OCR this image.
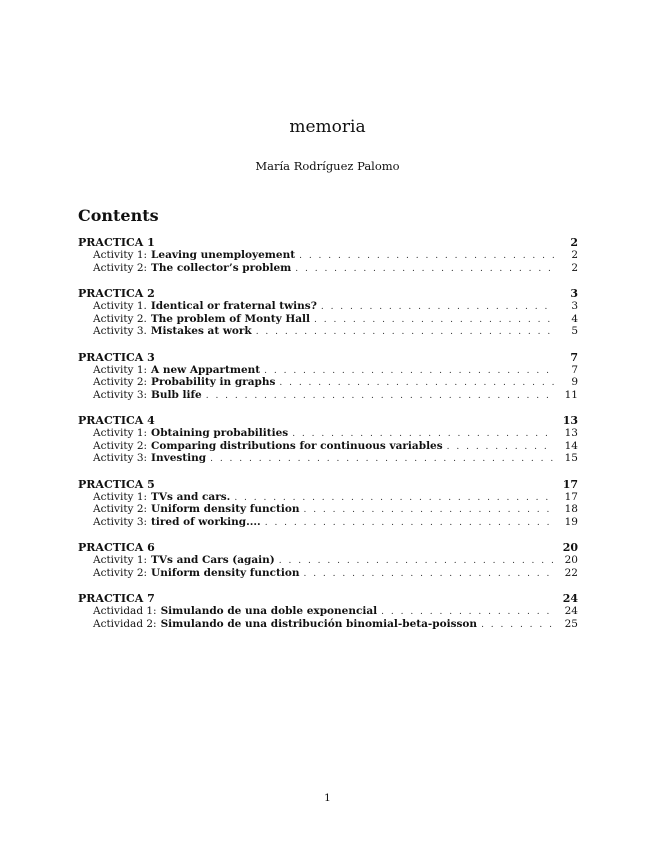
memoria
María Rodríguez Palomo
Contents
PRACTICA 1	2
Activity 1: Leaving unemployement . . .	2
Activity 2: The collector’s problem . . .	2
PRACTICA 2	3
Activity 1. Identical or fraternal twins? . . .	3
Activity 2. The problem of Monty Hall . . .	4
Activity 3. Mistakes at work . . .	5
PRACTICA 3	7
Activity 1: A new Appartment . . .	7
Activity 2: Probability in graphs . . .	9
Activity 3: Bulb life . . .	11
PRACTICA 4	13
Activity 1: Obtaining probabilities . . .	13
Activity 2: Comparing distributions for continuous variables . . .	14
Activity 3: Investing . . .	15
PRACTICA 5	17
Activity 1: TVs and cars. . . .	17
Activity 2: Uniform density function . . .	18
Activity 3: tired of working.... . . .	19
PRACTICA 6	20
Activity 1: TVs and Cars (again) . . .	20
Activity 2: Uniform density function . . .	22
PRACTICA 7	24
Actividad 1: Simulando de una doble exponencial . . .	24
Actividad 2: Simulando de una distribución binomial-beta-poisson . . .	25
1
